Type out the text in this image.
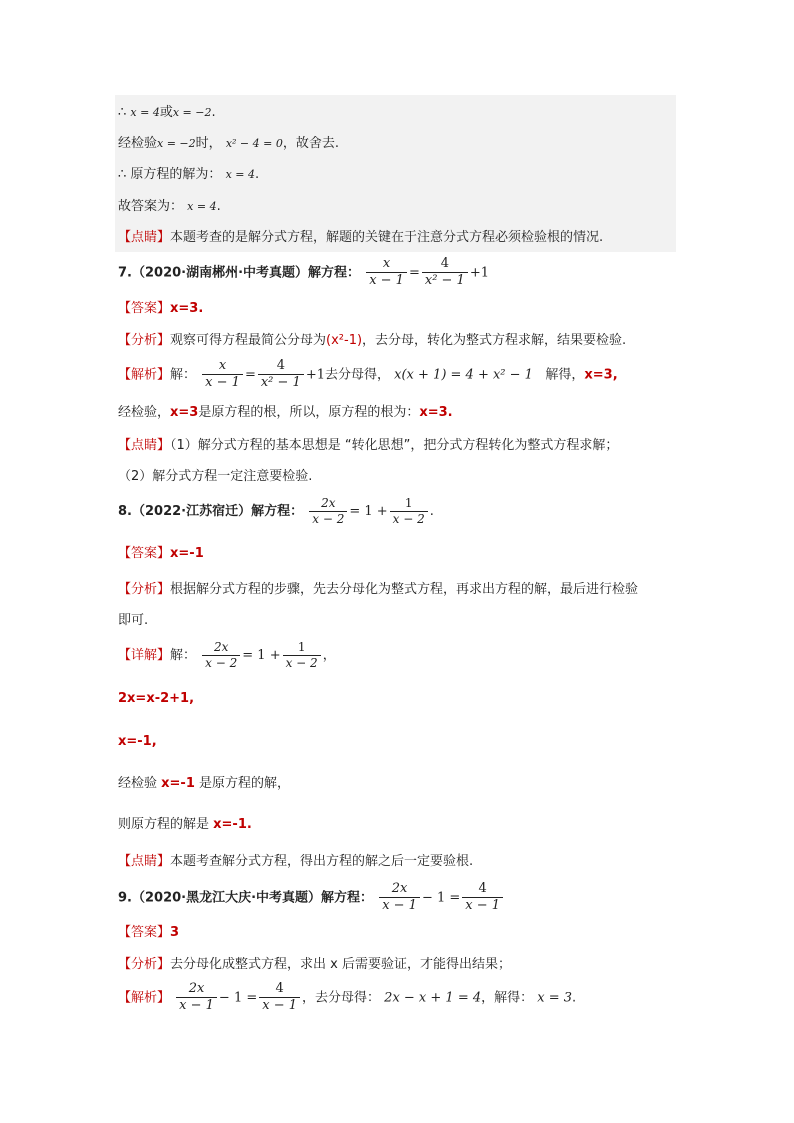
∴ x = 4或x = −2.
经检验x = −2时， x² − 4 = 0，故舍去.
∴ 原方程的解为： x = 4.
故答案为： x = 4.
【点睛】本题考查的是解分式方程，解题的关键在于注意分式方程必须检验根的情况.
7.（2020·湖南郴州·中考真题）解方程： $\frac{x}{x - 1} = \frac{4}{\text{x² − 1}} +1$
【答案】x=3.
【分析】观察可得方程最简公分母为(x²-1)，去分母，转化为整式方程求解，结果要检验.
【解析】解： $\frac{x}{x - 1} = \frac{4}{\text{x² − 1}} +1$去分母得， x(x + 1) = 4 + x² − 1 解得，x=3,
经检验，x=3是原方程的根，所以，原方程的根为：x=3.
【点睛】（1）解分式方程的基本思想是 “转化思想”，把分式方程转化为整式方程求解；
（2）解分式方程一定注意要检验.
8.（2022·江苏宿迁）解方程： $\frac{2x}{x - 2} = 1 + \frac{1}{x - 2}$ .
【答案】x=-1
【分析】根据解分式方程的步骤，先去分母化为整式方程，再求出方程的解，最后进行检验
即可.
【详解】解： $\frac{2x}{x - 2} = 1 + \frac{1}{x - 2}$ ，
2x=x-2+1,
x=-1,
经检验 x=-1 是原方程的解，
则原方程的解是 x=-1.
【点睛】本题考查解分式方程，得出方程的解之后一定要验根.
9.（2020·黑龙江大庆·中考真题）解方程： $\frac{2x}{x - 1} - 1 = \frac{4}{x - 1}$
【答案】3
【分析】去分母化成整式方程，求出 x 后需要验证，才能得出结果；
【解析】 $\frac{2x}{x - 1} - 1 = \frac{4}{x - 1}$ ，去分母得： 2x − x + 1 = 4，解得： x = 3.
